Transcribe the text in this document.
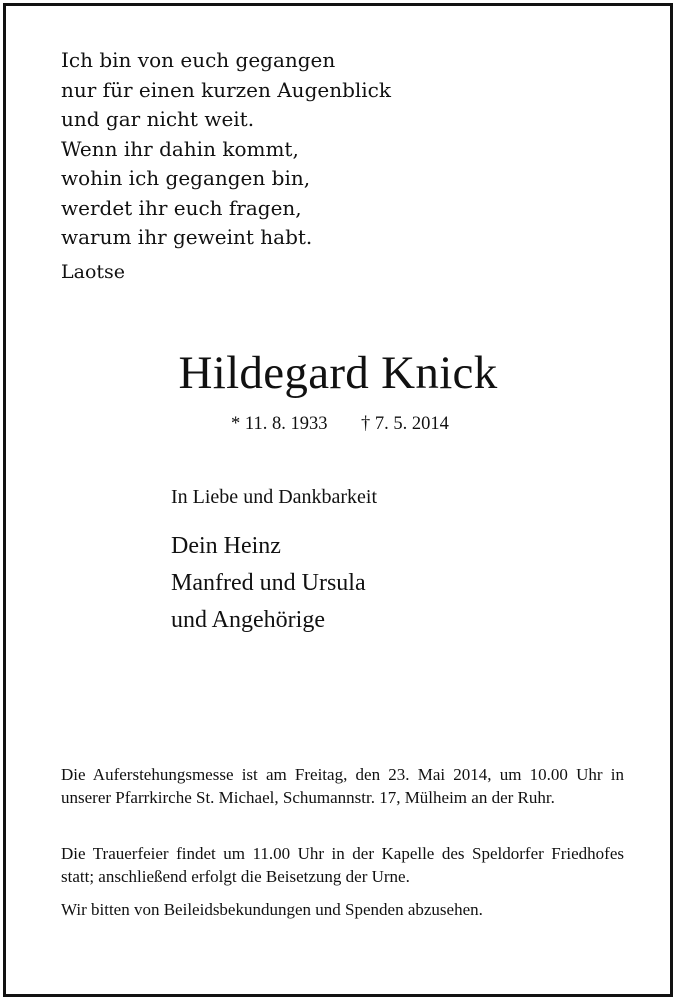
Ich bin von euch gegangen
nur für einen kurzen Augenblick
und gar nicht weit.
Wenn ihr dahin kommt,
wohin ich gegangen bin,
werdet ihr euch fragen,
warum ihr geweint habt.
Laotse
Hildegard Knick
* 11. 8. 1933 † 7. 5. 2014
In Liebe und Dankbarkeit
Dein Heinz
Manfred und Ursula
und Angehörige
Die Auferstehungsmesse ist am Freitag, den 23. Mai 2014, um 10.00 Uhr in unserer Pfarrkirche St. Michael, Schumannstr. 17, Mülheim an der Ruhr.
Die Trauerfeier findet um 11.00 Uhr in der Kapelle des Speldorfer Friedhofes statt; anschließend erfolgt die Beisetzung der Urne.
Wir bitten von Beileidsbekundungen und Spenden abzusehen.
